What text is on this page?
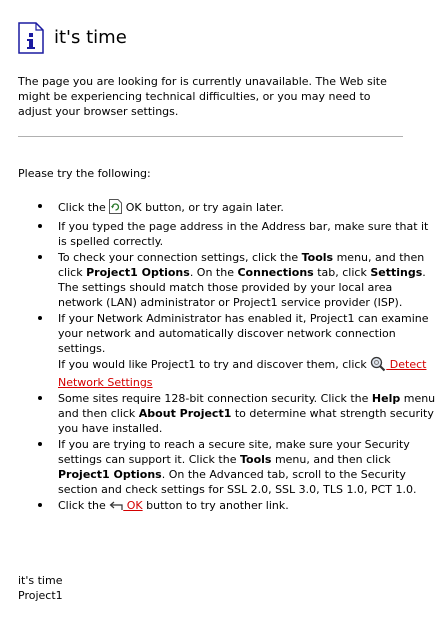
it's time
The page you are looking for is currently unavailable. The Web site might be experiencing technical difficulties, or you may need to adjust your browser settings.
Please try the following:
Click the  OK button, or try again later.
If you typed the page address in the Address bar, make sure that it is spelled correctly.
To check your connection settings, click the Tools menu, and then click Project1 Options. On the Connections tab, click Settings. The settings should match those provided by your local area network (LAN) administrator or Project1 service provider (ISP).
If your Network Administrator has enabled it, Project1 can examine your network and automatically discover network connection settings.
If you would like Project1 to try and discover them, click  Detect Network Settings
Some sites require 128-bit connection security. Click the Help menu and then click About Project1 to determine what strength security you have installed.
If you are trying to reach a secure site, make sure your Security settings can support it. Click the Tools menu, and then click Project1 Options. On the Advanced tab, scroll to the Security section and check settings for SSL 2.0, SSL 3.0, TLS 1.0, PCT 1.0.
Click the  OK button to try another link.
it's time
Project1
